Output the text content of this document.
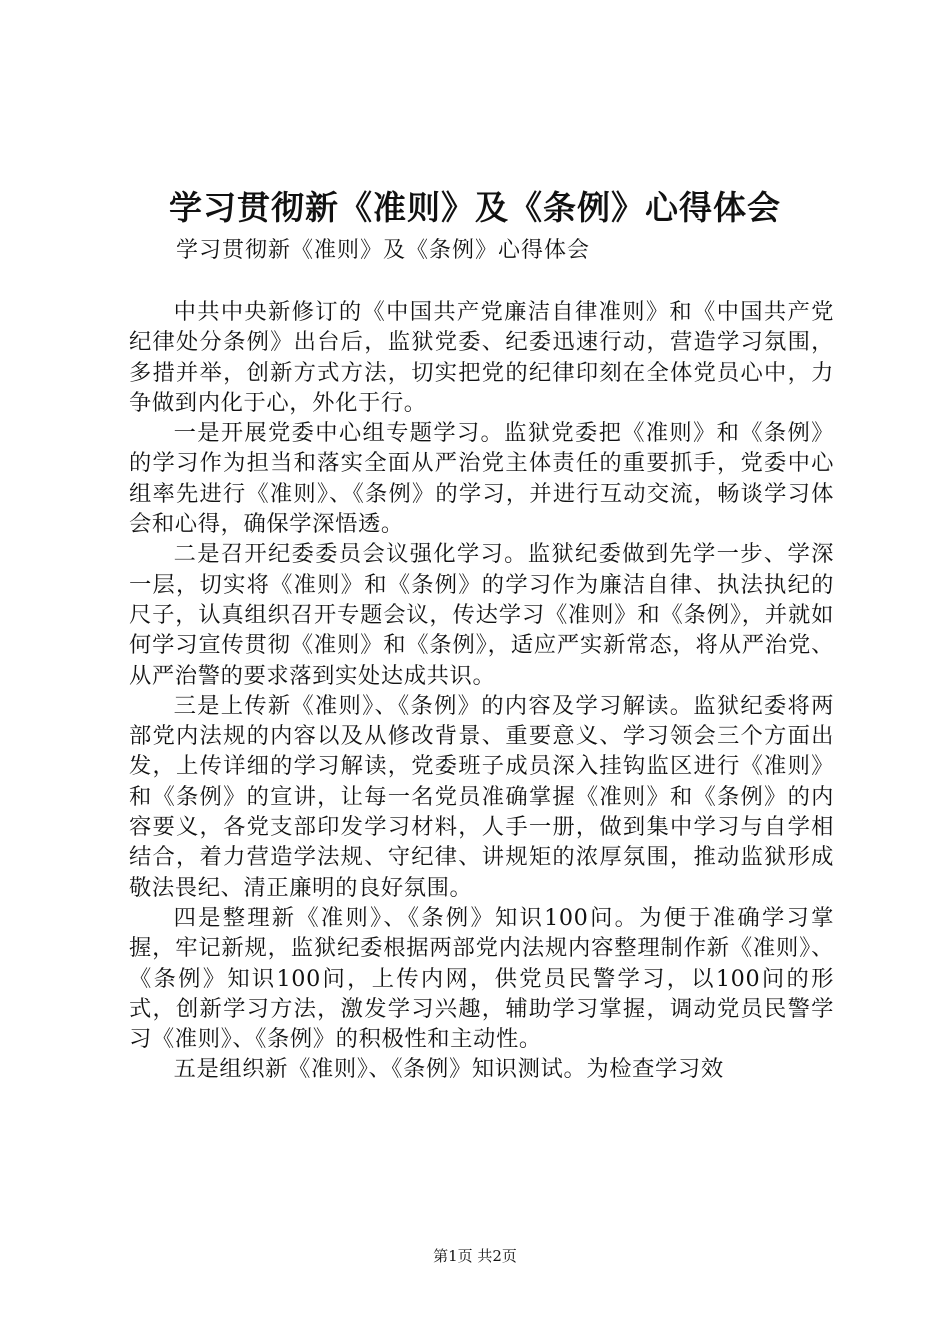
学习贯彻新《准则》及《条例》心得体会
学习贯彻新《准则》及《条例》心得体会

中共中央新修订的《中国共产党廉洁自律准则》和《中国共产党纪律处分条例》出台后，监狱党委、纪委迅速行动，营造学习氛围，多措并举，创新方式方法，切实把党的纪律印刻在全体党员心中，力争做到内化于心，外化于行。

一是开展党委中心组专题学习。监狱党委把《准则》和《条例》的学习作为担当和落实全面从严治党主体责任的重要抓手，党委中心组率先进行《准则》、《条例》的学习，并进行互动交流，畅谈学习体会和心得，确保学深悟透。

二是召开纪委委员会议强化学习。监狱纪委做到先学一步、学深一层，切实将《准则》和《条例》的学习作为廉洁自律、执法执纪的尺子，认真组织召开专题会议，传达学习《准则》和《条例》，并就如何学习宣传贯彻《准则》和《条例》，适应严实新常态，将从严治党、从严治警的要求落到实处达成共识。

三是上传新《准则》、《条例》的内容及学习解读。监狱纪委将两部党内法规的内容以及从修改背景、重要意义、学习领会三个方面出发，上传详细的学习解读，党委班子成员深入挂钩监区进行《准则》和《条例》的宣讲，让每一名党员准确掌握《准则》和《条例》的内容要义，各党支部印发学习材料，人手一册，做到集中学习与自学相结合，着力营造学法规、守纪律、讲规矩的浓厚氛围，推动监狱形成敬法畏纪、清正廉明的良好氛围。

四是整理新《准则》、《条例》知识100问。为便于准确学习掌握，牢记新规，监狱纪委根据两部党内法规内容整理制作新《准则》、《条例》知识100问，上传内网，供党员民警学习，以100问的形式，创新学习方法，激发学习兴趣，辅助学习掌握，调动党员民警学习《准则》、《条例》的积极性和主动性。

五是组织新《准则》、《条例》知识测试。为检查学习效

第1页 共2页
